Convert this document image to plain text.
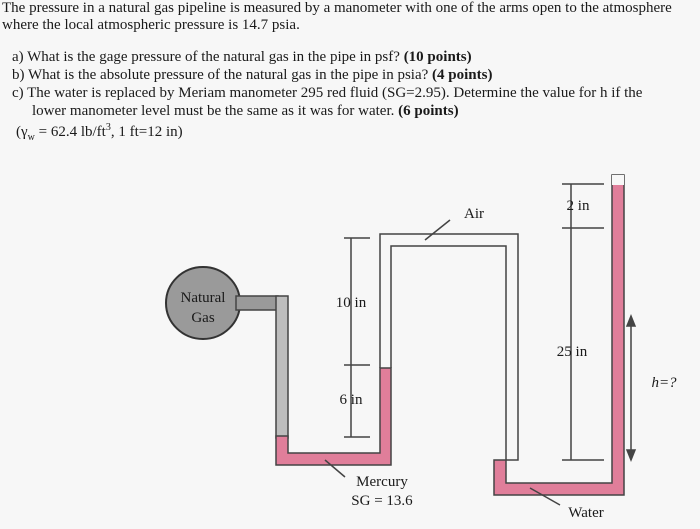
The pressure in a natural gas pipeline is measured by a manometer with one of the arms open to the atmosphere where the local atmospheric pressure is 14.7 psia.

a) What is the gage pressure of the natural gas in the pipe in psf? (10 points)
b) What is the absolute pressure of the natural gas in the pipe in psia? (4 points)
c) The water is replaced by Meriam manometer 295 red fluid (SG=2.95). Determine the value for h if the
lower manometer level must be the same as it was for water. (6 points)
($\gamma_w = 62.4$ $lb/ft^3$, 1 ft=12 in)
Natural
Gas
Air
10 in
6 in
2 in
25 in
h=?
Mercury
SG = 13.6
Water
